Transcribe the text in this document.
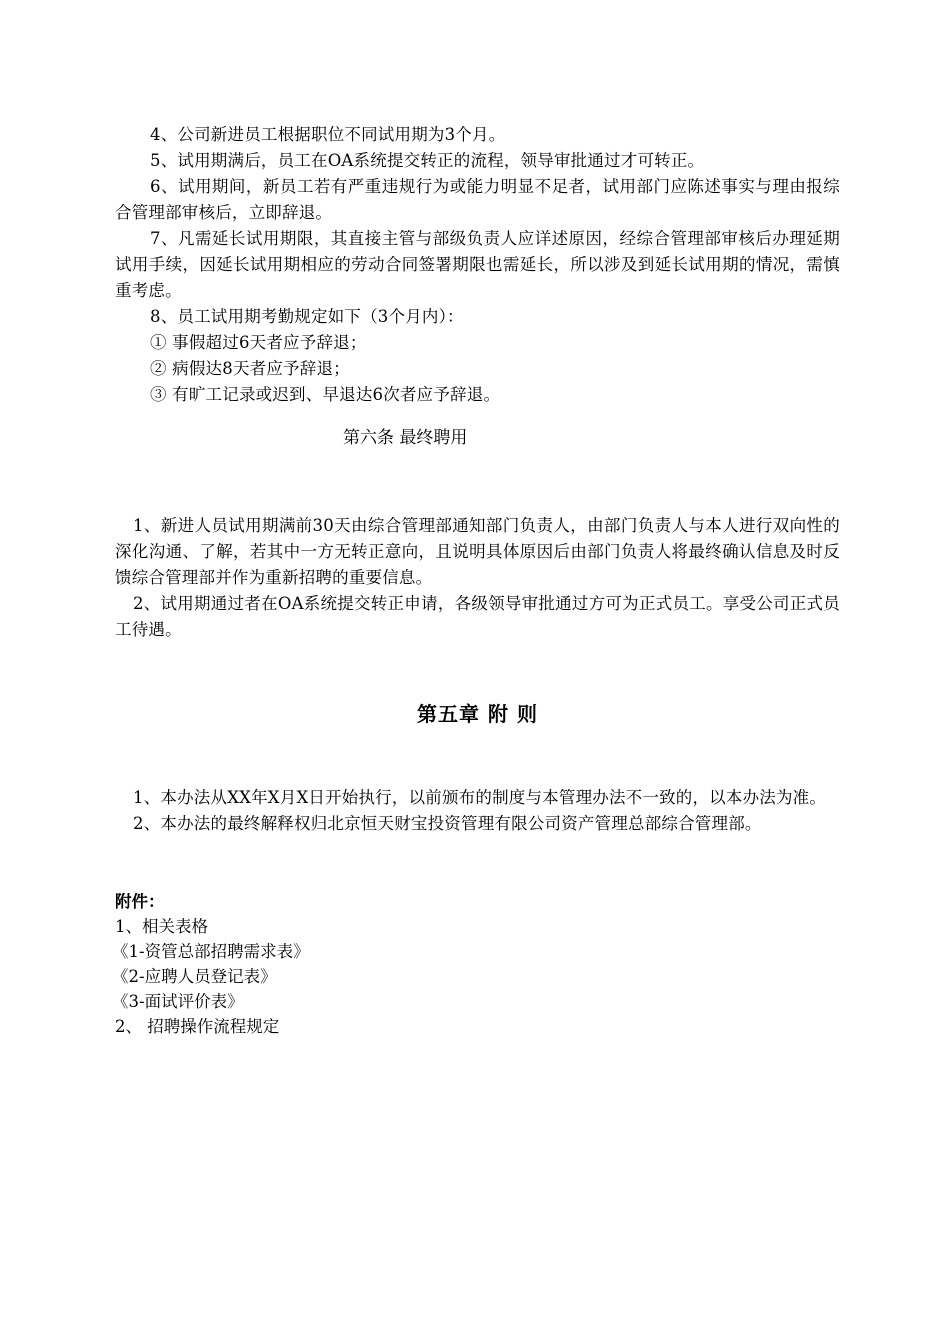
4、公司新进员工根据职位不同试用期为3个月。

5、试用期满后，员工在OA系统提交转正的流程，领导审批通过才可转正。

6、试用期间，新员工若有严重违规行为或能力明显不足者，试用部门应陈述事实与理由报综合管理部审核后，立即辞退。

7、凡需延长试用期限，其直接主管与部级负责人应详述原因，经综合管理部审核后办理延期试用手续，因延长试用期相应的劳动合同签署期限也需延长，所以涉及到延长试用期的情况，需慎重考虑。

8、员工试用期考勤规定如下（3个月内）：

① 事假超过6天者应予辞退；

② 病假达8天者应予辞退；

③ 有旷工记录或迟到、早退达6次者应予辞退。

第六条 最终聘用

1、新进人员试用期满前30天由综合管理部通知部门负责人，由部门负责人与本人进行双向性的深化沟通、了解，若其中一方无转正意向，且说明具体原因后由部门负责人将最终确认信息及时反馈综合管理部并作为重新招聘的重要信息。

2、试用期通过者在OA系统提交转正申请，各级领导审批通过方可为正式员工。享受公司正式员工待遇。

第五章 附 则

1、本办法从XX年X月X日开始执行，以前颁布的制度与本管理办法不一致的，以本办法为准。

2、本办法的最终解释权归北京恒天财宝投资管理有限公司资产管理总部综合管理部。

附件：

1、相关表格

《1-资管总部招聘需求表》

《2-应聘人员登记表》

《3-面试评价表》

2、 招聘操作流程规定
